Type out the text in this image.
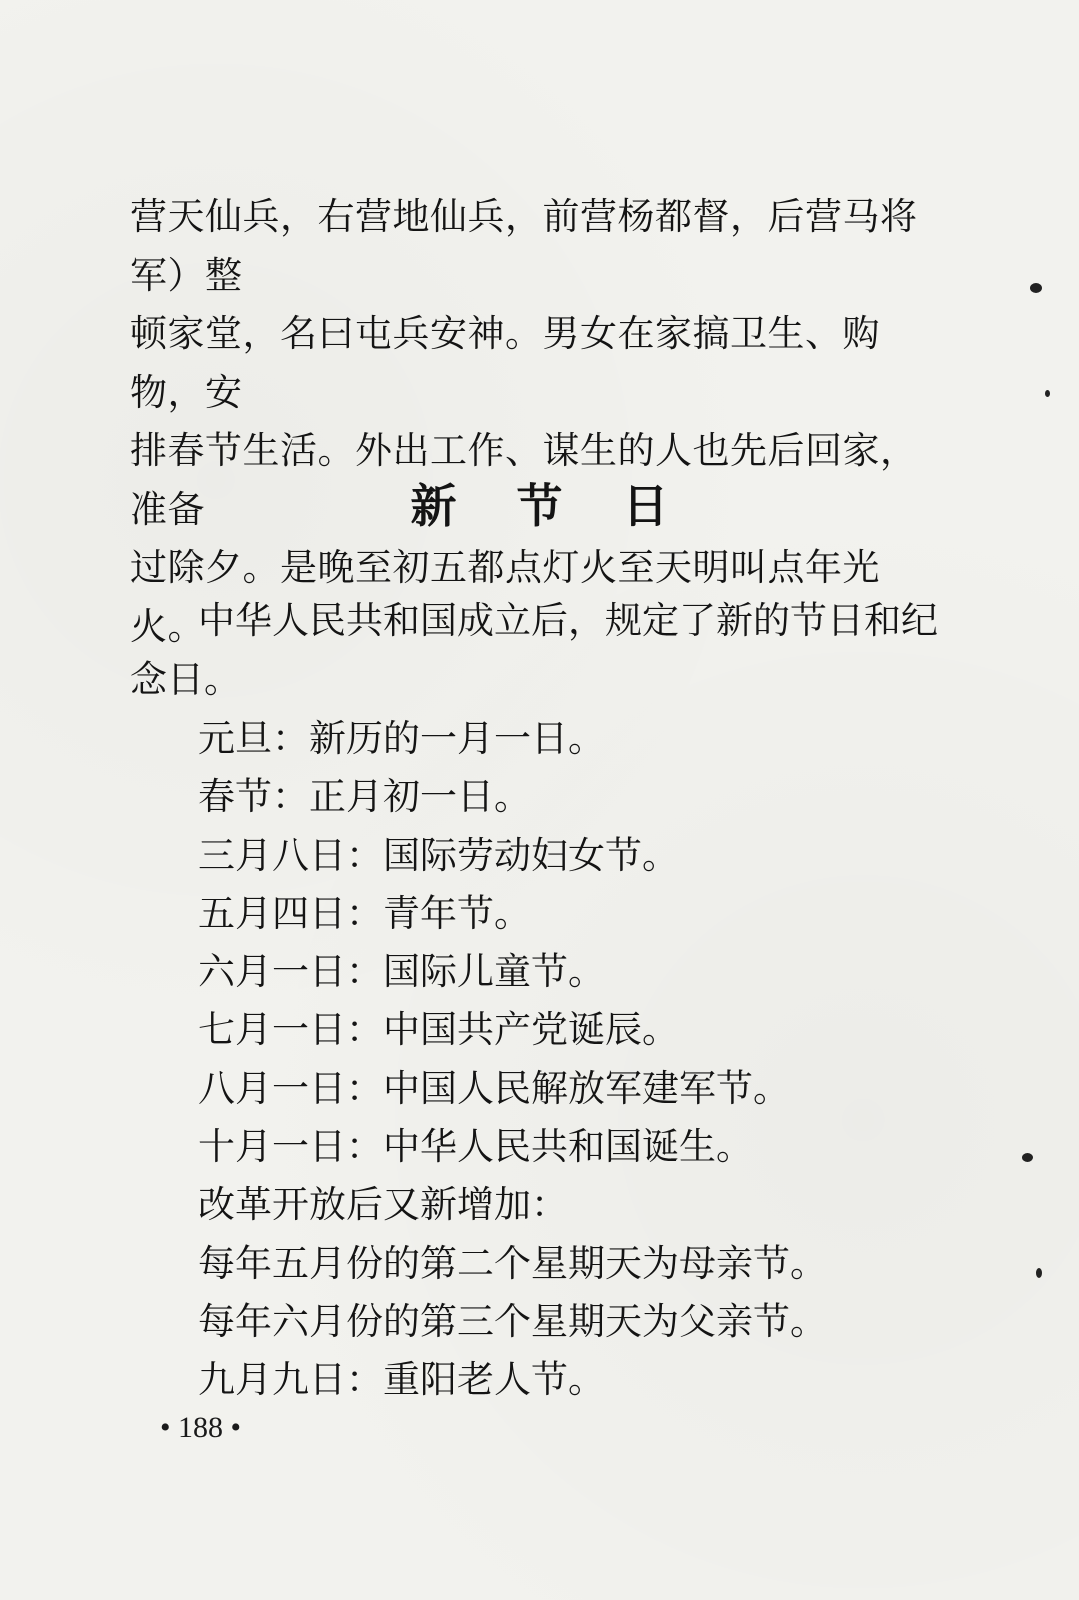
营天仙兵，右营地仙兵，前营杨都督，后营马将军）整

顿家堂，名曰屯兵安神。男女在家搞卫生、购物，安

排春节生活。外出工作、谋生的人也先后回家，准备

过除夕。是晚至初五都点灯火至天明叫点年光火。

新节日

中华人民共和国成立后，规定了新的节日和纪念日。

元旦：新历的一月一日。
春节：正月初一日。
三月八日：国际劳动妇女节。
五月四日：青年节。
六月一日：国际儿童节。
七月一日：中国共产党诞辰。
八月一日：中国人民解放军建军节。
十月一日：中华人民共和国诞生。
改革开放后又新增加：
每年五月份的第二个星期天为母亲节。
每年六月份的第三个星期天为父亲节。
九月九日：重阳老人节。
• 188 •
